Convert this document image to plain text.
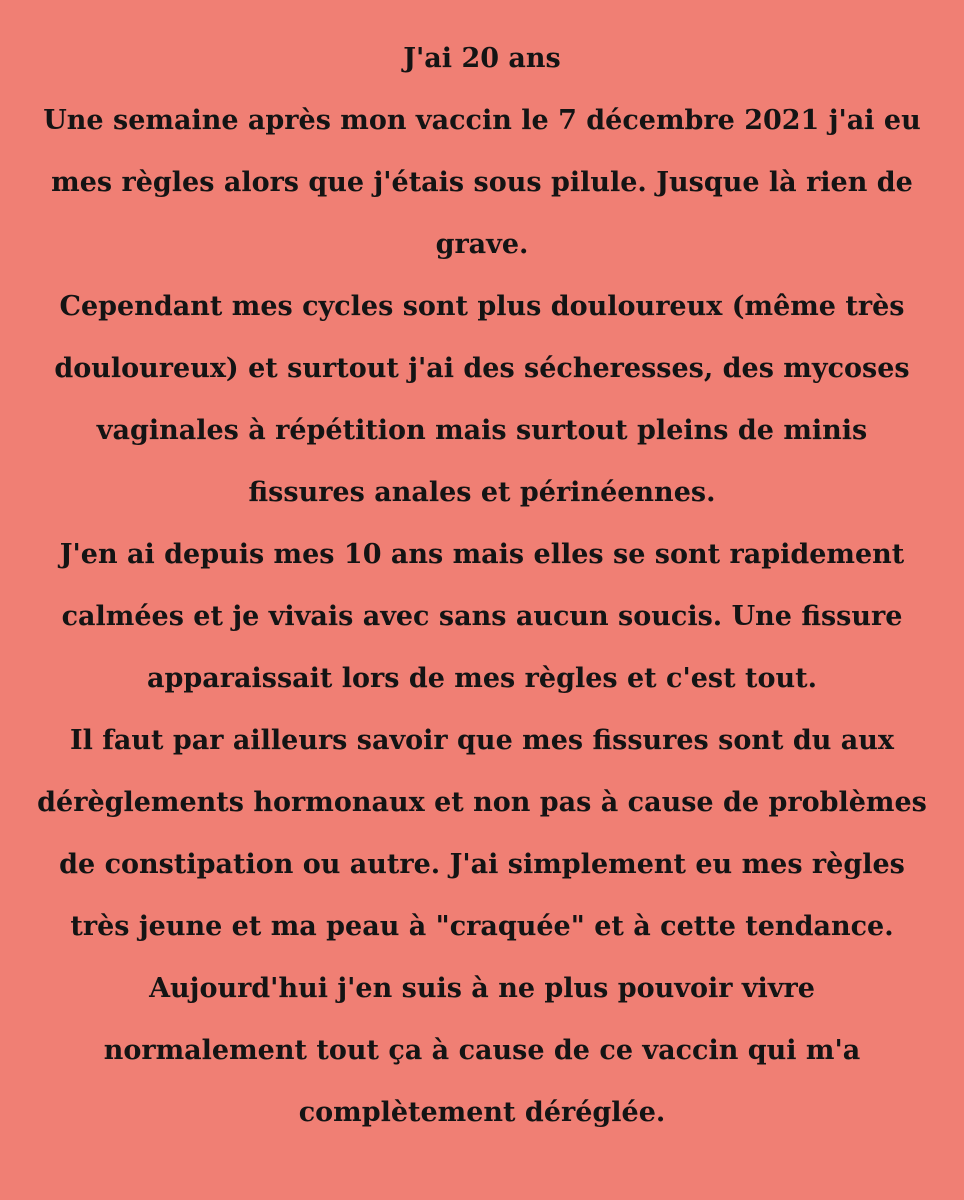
J'ai 20 ans
Une semaine après mon vaccin le 7 décembre 2021 j'ai eu
mes règles alors que j'étais sous pilule. Jusque là rien de
grave.
Cependant mes cycles sont plus douloureux (même très
douloureux) et surtout j'ai des sécheresses, des mycoses
vaginales à répétition mais surtout pleins de minis
fissures anales et périnéennes.
J'en ai depuis mes 10 ans mais elles se sont rapidement
calmées et je vivais avec sans aucun soucis. Une fissure
apparaissait lors de mes règles et c'est tout.
Il faut par ailleurs savoir que mes fissures sont du aux
dérèglements hormonaux et non pas à cause de problèmes
de constipation ou autre. J'ai simplement eu mes règles
très jeune et ma peau à "craquée" et à cette tendance.
Aujourd'hui j'en suis à ne plus pouvoir vivre
normalement tout ça à cause de ce vaccin qui m'a
complètement déréglée.
